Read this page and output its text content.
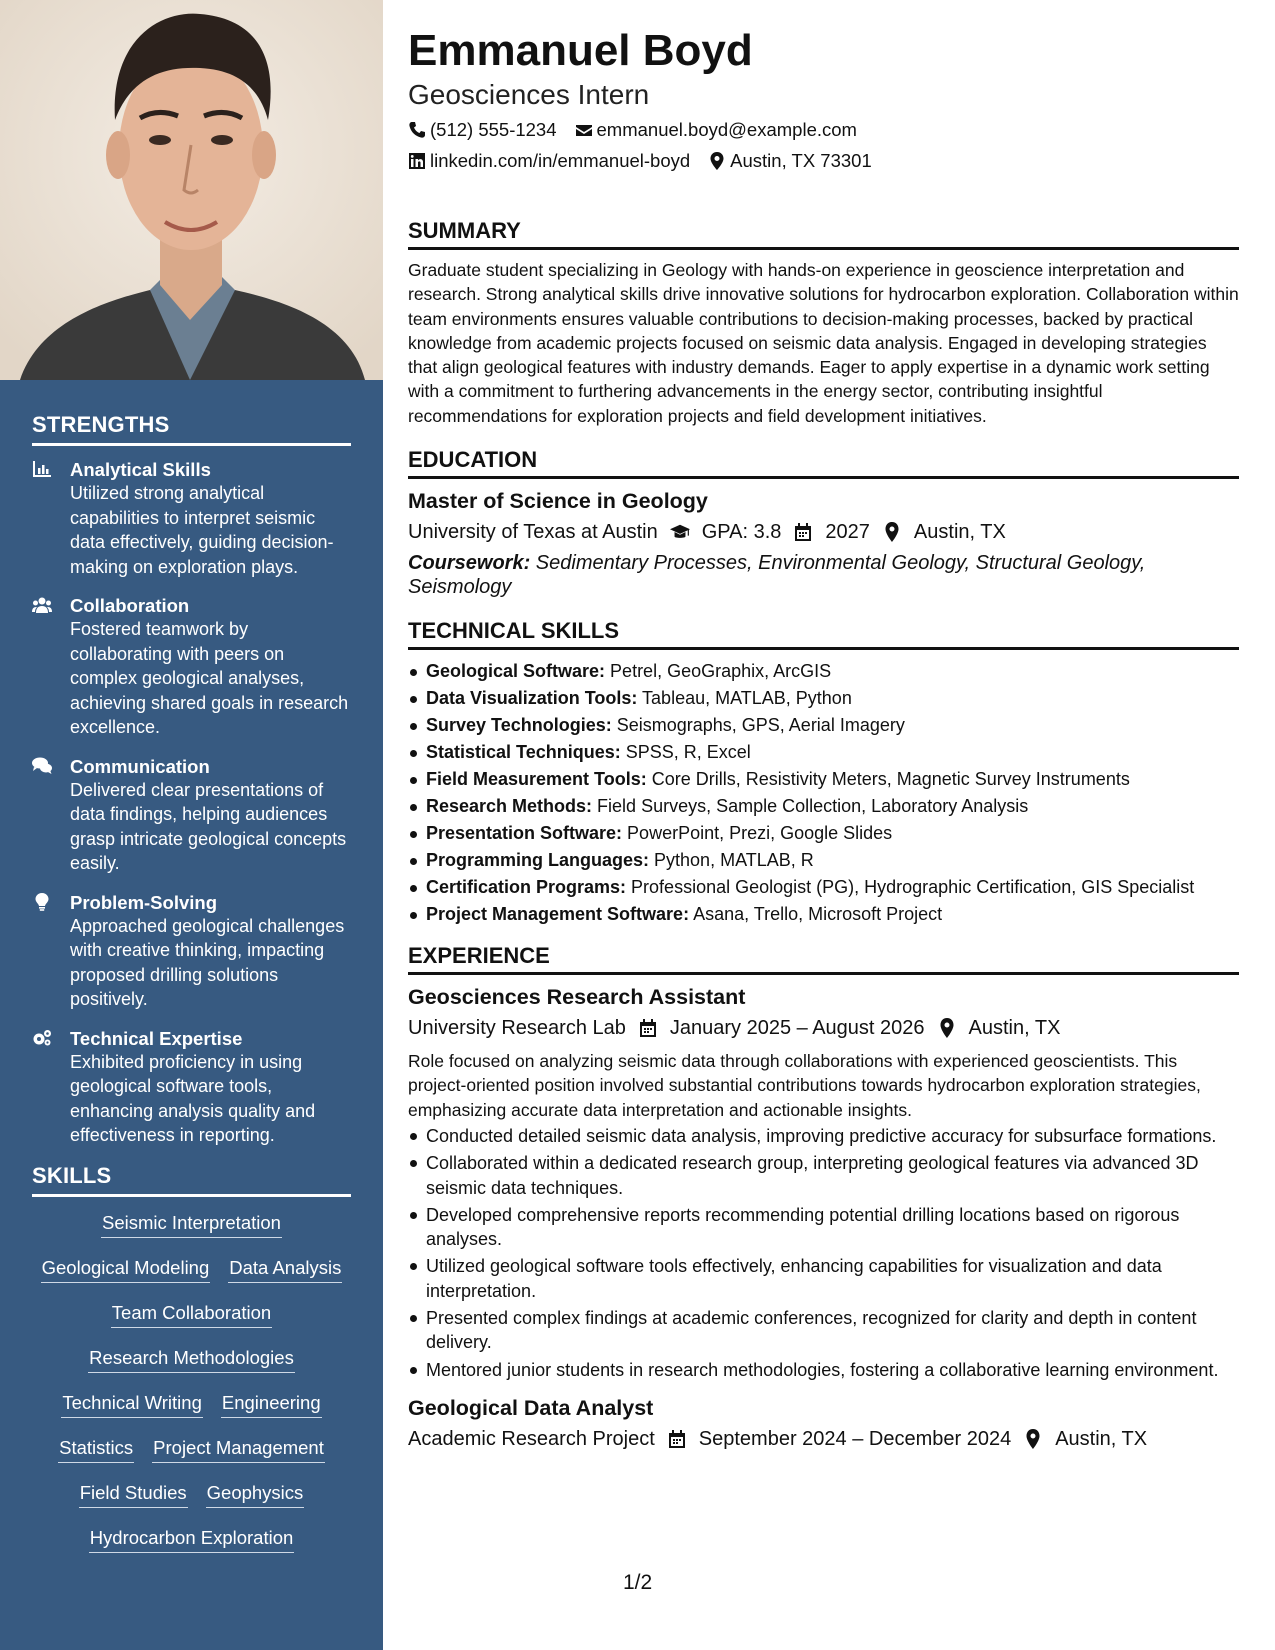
STRENGTHS
Analytical Skills
Utilized strong analytical capabilities to interpret seismic data effectively, guiding decision-making on exploration plays.
Collaboration
Fostered teamwork by collaborating with peers on complex geological analyses, achieving shared goals in research excellence.
Communication
Delivered clear presentations of data findings, helping audiences grasp intricate geological concepts easily.
Problem-Solving
Approached geological challenges with creative thinking, impacting proposed drilling solutions positively.
Technical Expertise
Exhibited proficiency in using geological software tools, enhancing analysis quality and effectiveness in reporting.
SKILLS
Seismic Interpretation
Geological Modeling Data Analysis
Team Collaboration
Research Methodologies
Technical Writing Engineering
Statistics Project Management
Field Studies Geophysics
Hydrocarbon Exploration
Emmanuel Boyd
Geosciences Intern
(512) 555-1234 emmanuel.boyd@example.com
linkedin.com/in/emmanuel-boyd Austin, TX 73301
SUMMARY
Graduate student specializing in Geology with hands-on experience in geoscience interpretation and research. Strong analytical skills drive innovative solutions for hydrocarbon exploration. Collaboration within team environments ensures valuable contributions to decision-making processes, backed by practical knowledge from academic projects focused on seismic data analysis. Engaged in developing strategies that align geological features with industry demands. Eager to apply expertise in a dynamic work setting with a commitment to furthering advancements in the energy sector, contributing insightful recommendations for exploration projects and field development initiatives.
EDUCATION
Master of Science in Geology
University of Texas at Austin GPA: 3.8 2027 Austin, TX
Coursework: Sedimentary Processes, Environmental Geology, Structural Geology, Seismology
TECHNICAL SKILLS
Geological Software: Petrel, GeoGraphix, ArcGIS
Data Visualization Tools: Tableau, MATLAB, Python
Survey Technologies: Seismographs, GPS, Aerial Imagery
Statistical Techniques: SPSS, R, Excel
Field Measurement Tools: Core Drills, Resistivity Meters, Magnetic Survey Instruments
Research Methods: Field Surveys, Sample Collection, Laboratory Analysis
Presentation Software: PowerPoint, Prezi, Google Slides
Programming Languages: Python, MATLAB, R
Certification Programs: Professional Geologist (PG), Hydrographic Certification, GIS Specialist
Project Management Software: Asana, Trello, Microsoft Project
EXPERIENCE
Geosciences Research Assistant
University Research Lab January 2025 – August 2026 Austin, TX
Role focused on analyzing seismic data through collaborations with experienced geoscientists. This project-oriented position involved substantial contributions towards hydrocarbon exploration strategies, emphasizing accurate data interpretation and actionable insights.
Conducted detailed seismic data analysis, improving predictive accuracy for subsurface formations.
Collaborated within a dedicated research group, interpreting geological features via advanced 3D seismic data techniques.
Developed comprehensive reports recommending potential drilling locations based on rigorous analyses.
Utilized geological software tools effectively, enhancing capabilities for visualization and data interpretation.
Presented complex findings at academic conferences, recognized for clarity and depth in content delivery.
Mentored junior students in research methodologies, fostering a collaborative learning environment.
Geological Data Analyst
Academic Research Project September 2024 – December 2024 Austin, TX
1/2
